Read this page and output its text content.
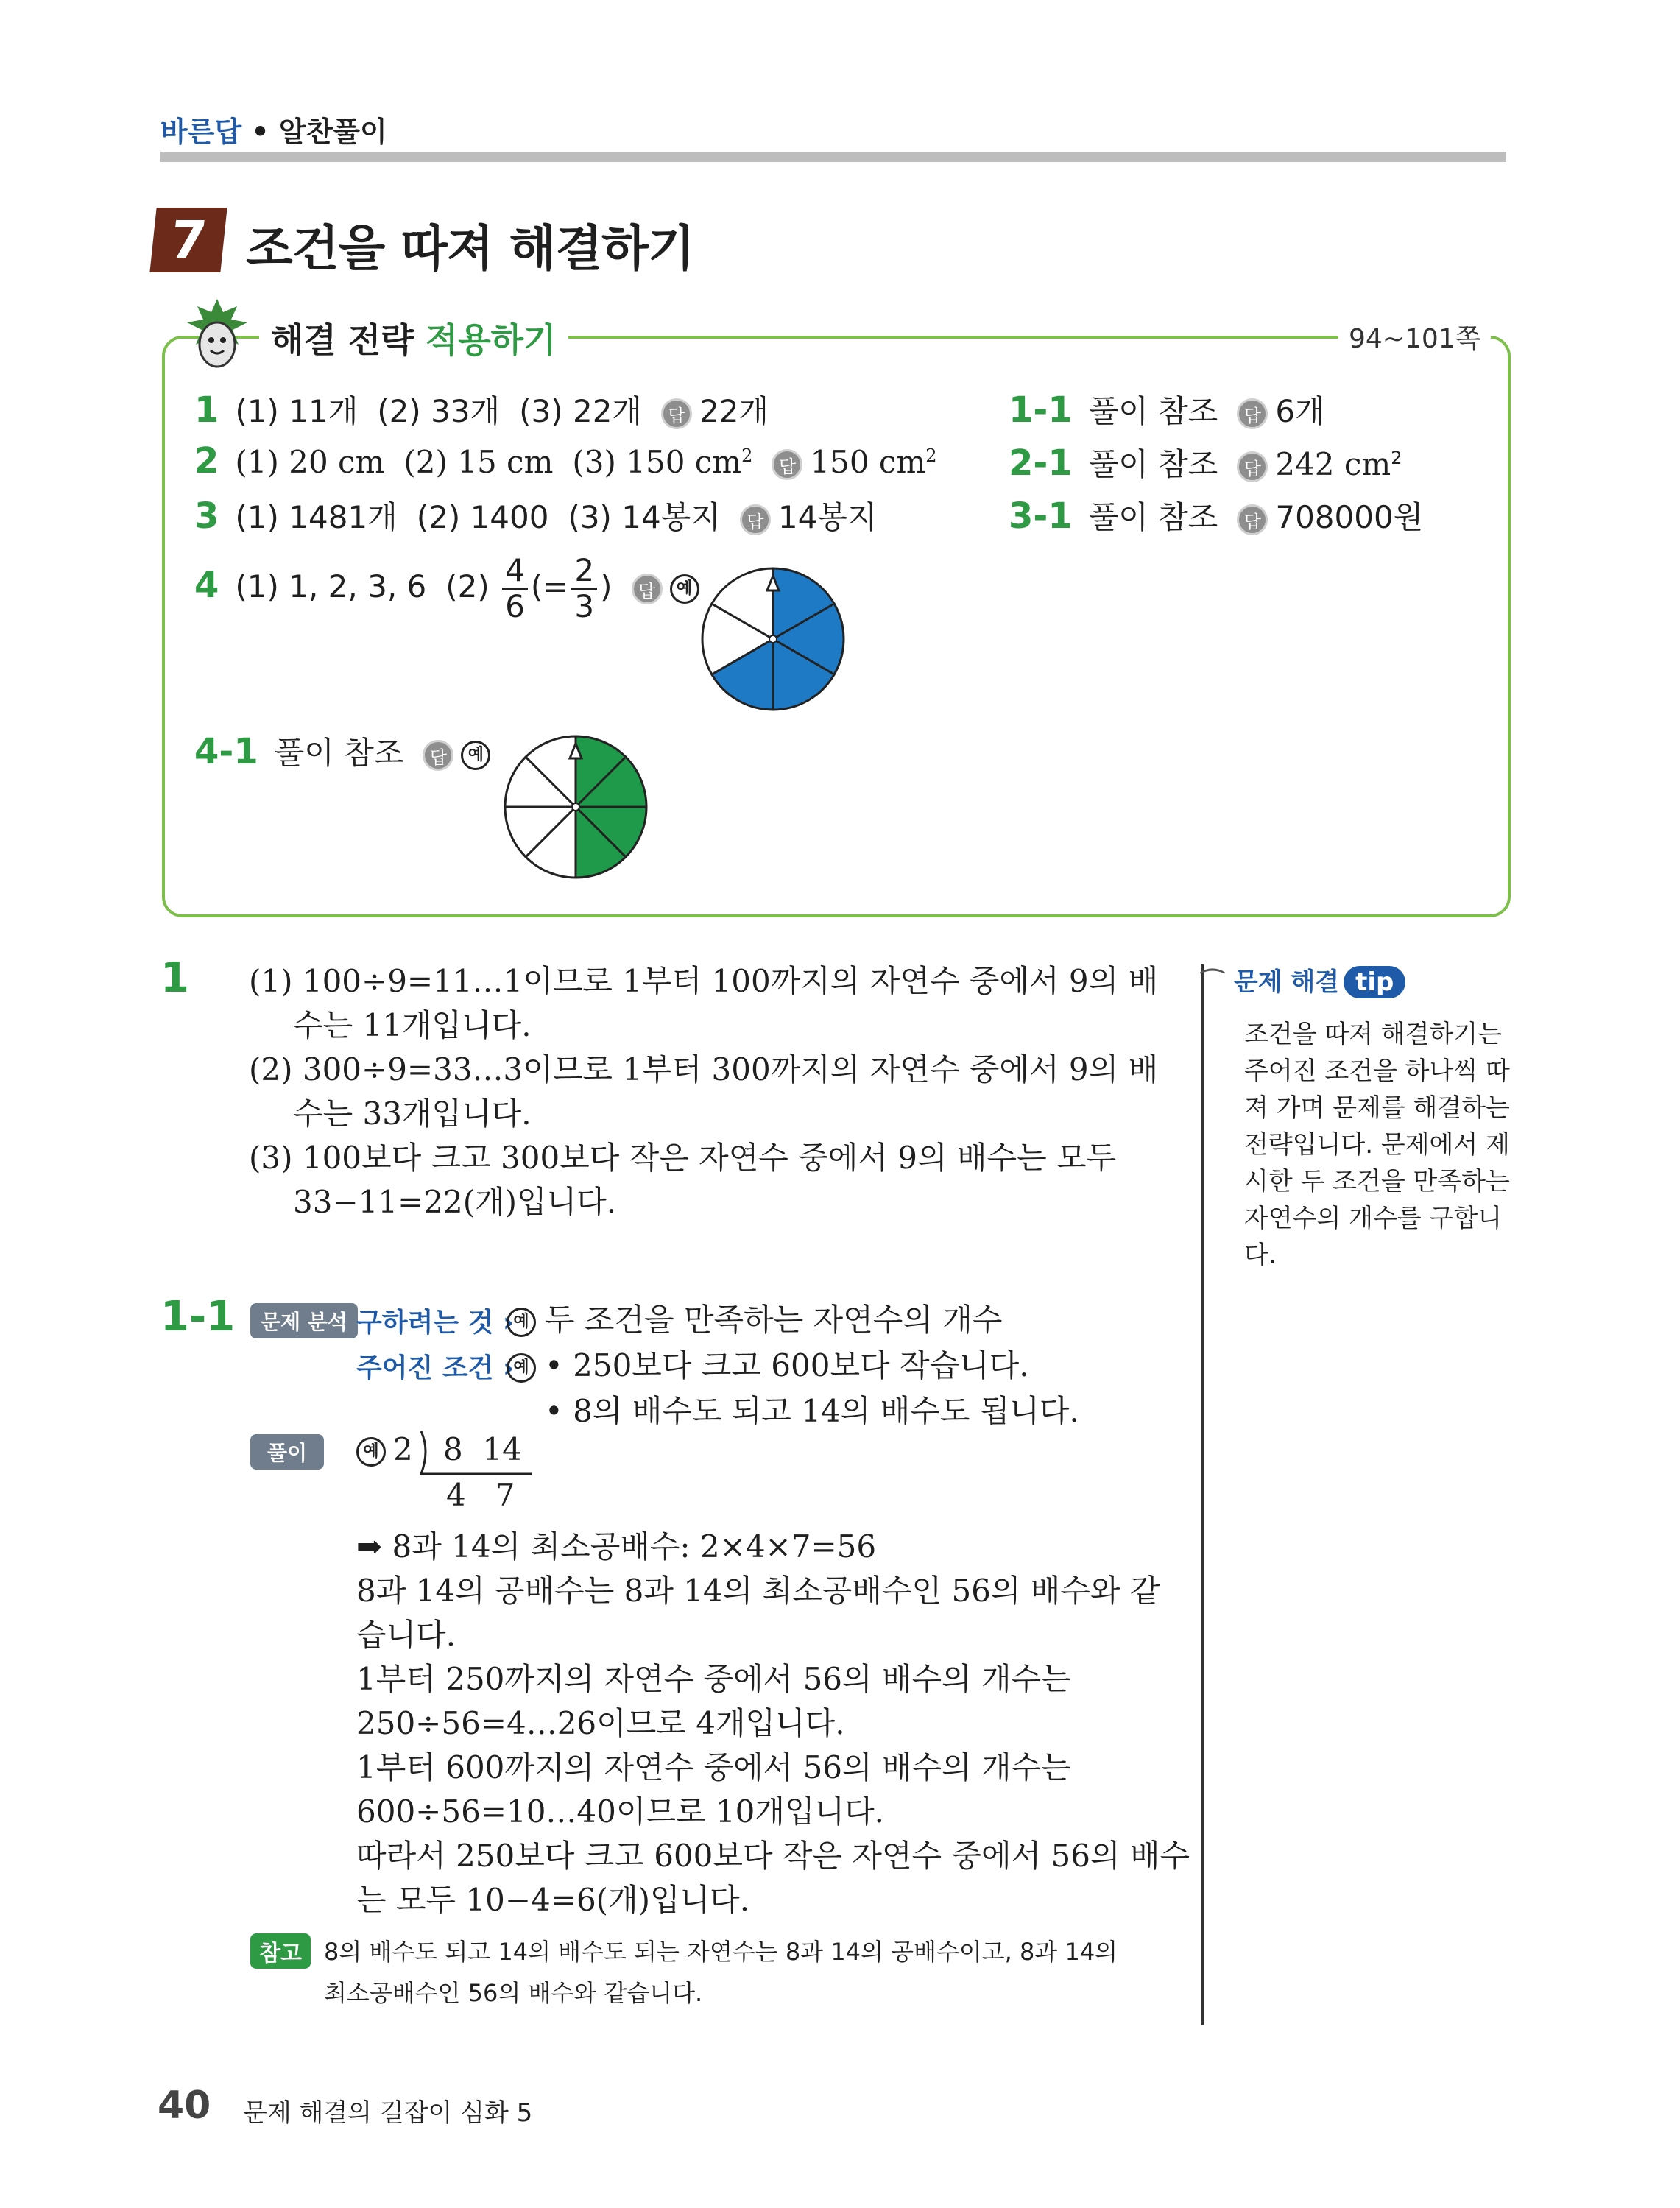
바른답 • 알찬풀이
7 조건을 따져 해결하기
해결 전략 적용하기	94~101쪽
1 (1) 11개 (2) 33개 (3) 22개 답 22개
2 (1) 20 cm (2) 15 cm (3) 150 $cm^2$답 150 $cm^2$
3 (1) 1481개 (2) 1400 (3) 14봉지 답 14봉지
4 (1) 1, 2, 3, 6 $(2) \frac{4}{6}$ (= $\frac{2}{3}$ ) 답 예
4-1 풀이 참조 답 예
1-1 풀이 참조 답 6개
2-1 풀이 참조 답 242 $cm^2$
3-1 풀이 참조 답 708000원
1 (1) 100÷9=11…1이므로 1부터 100까지의 자연수 중에서 9의 배
수는 11개입니다.
(2) 300÷9=33…3이므로 1부터 300까지의 자연수 중에서 9의 배
수는 33개입니다.
(3) 100보다 크고 300보다 작은 자연수 중에서 9의 배수는 모두
33−11=22(개)입니다.
1-1	문제 분석 구하려는 것 › 예 두 조건을 만족하는 자연수의 개수
주어진 조건 › 예 • 250보다 크고 600보다 작습니다.
• 8의 배수도 되고 14의 배수도 됩니다.
풀이	예 2 8  14
4   7
➡ 8과 14의 최소공배수: 2×4×7=56
8과 14의 공배수는 8과 14의 최소공배수인 56의 배수와 같
습니다.
1부터 250까지의 자연수 중에서 56의 배수의 개수는
250÷56=4…26이므로 4개입니다.
1부터 600까지의 자연수 중에서 56의 배수의 개수는
600÷56=10…40이므로 10개입니다.
따라서 250보다 크고 600보다 작은 자연수 중에서 56의 배수
는 모두 10−4=6(개)입니다.
참고 8의 배수도 되고 14의 배수도 되는 자연수는 8과 14의 공배수이고, 8과 14의
최소공배수인 56의 배수와 같습니다.
⌒ 문제 해결 tip
조건을 따져 해결하기는
주어진 조건을 하나씩 따
져 가며 문제를 해결하는
전략입니다. 문제에서 제
시한 두 조건을 만족하는
자연수의 개수를 구합니
다.
40 문제 해결의 길잡이 심화 5
